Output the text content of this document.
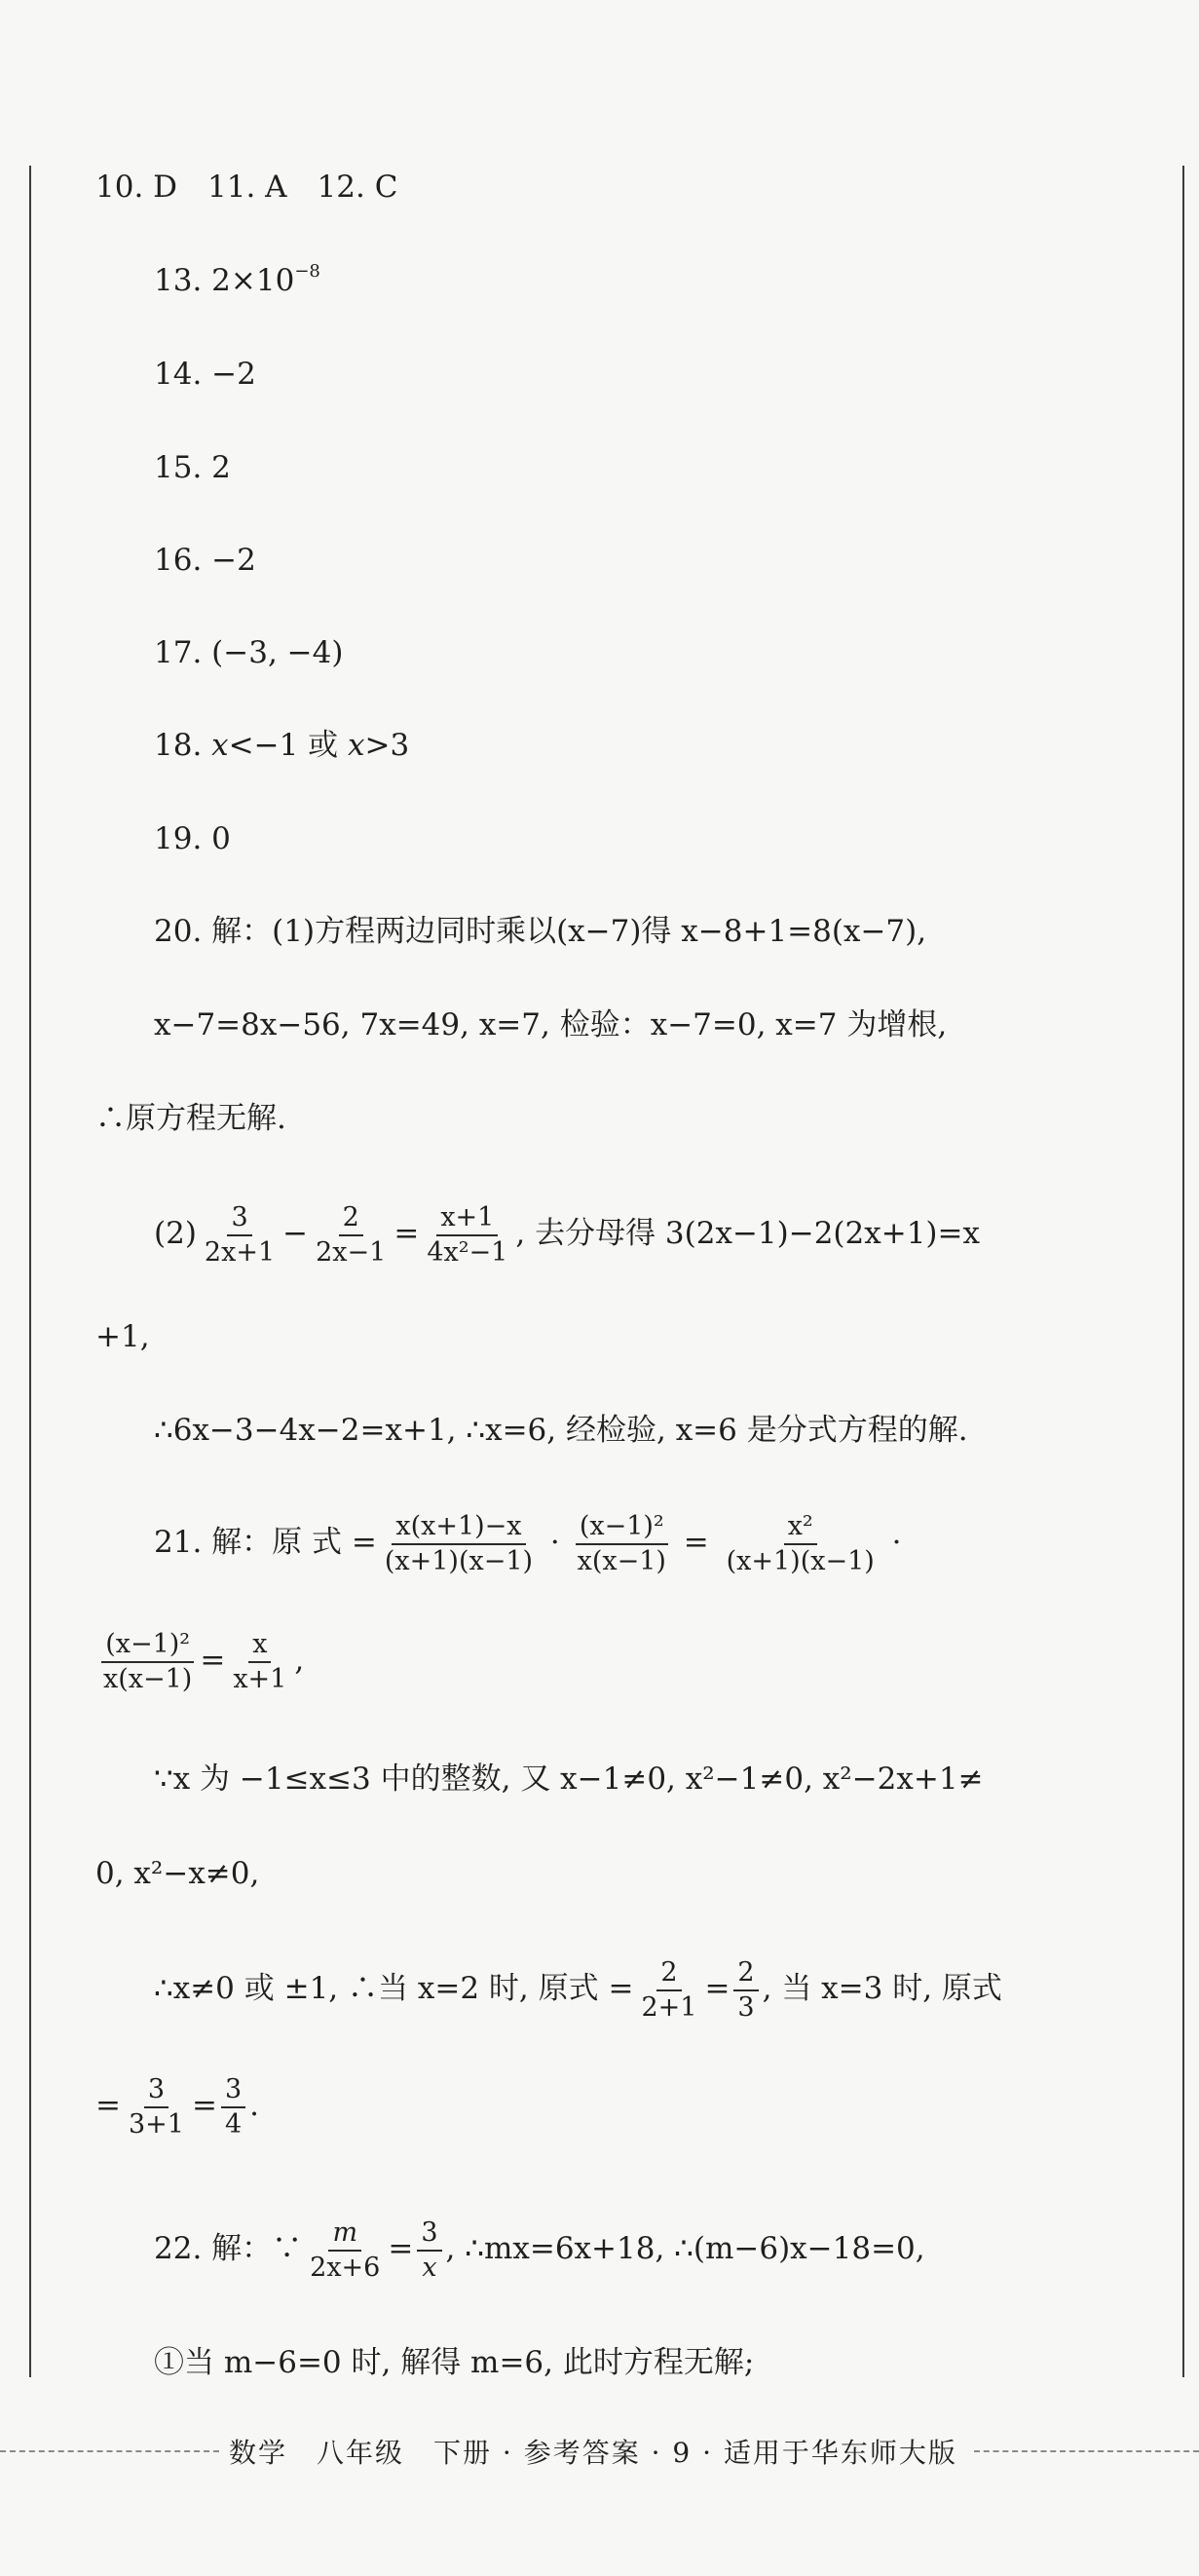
10. D　11. A　12. C
13. $2\times 10^{-8}$
14. −2
15. 2
16. −2
17. (−3, −4)
18. x<−1 或 x>3
19. 0
20. 解：(1)方程两边同时乘以(x−7)得 x−8+1=8(x−7),
x−7=8x−56, 7x=49, x=7, 检验：x−7=0, x=7 为增根,
∴原方程无解.
$(2) \frac{3}{2x+1} - \frac{2}{2x-1} = \frac{x+1}{\text{4x²−1}}$ , 去分母得 3(2x−1)−2(2x+1)=x
+1,
∴6x−3−4x−2=x+1, ∴x=6, 经检验, x=6 是分式方程的解.
21. 解：原 式 = $\frac{x(x+1)-x}{(x+1)(x-1)} \cdot \frac{\text{(x−1)²}}{x(x-1)} = \frac{\text{x²}}{(x+1)(x-1)}$ ·
$\frac{\text{(x−1)²}}{x(x-1)} = \frac{x}{x+1}$ ,
∵x 为 −1≤x≤3 中的整数, 又 x−1≠0, x²−1≠0, x²−2x+1≠
0, x²−x≠0,
∴x≠0 或 ±1, ∴当 x=2 时, 原式 = $\frac{2}{2+1} = \frac{2}{3}$ , 当 x=3 时, 原式
= $\frac{3}{3+1} = \frac{3}{4}$ .
22. 解：∵ $\frac{m}{2x+6} = \frac{3}{x}$ , ∴mx=6x+18, ∴(m−6)x−18=0,
①当 m−6=0 时, 解得 m=6, 此时方程无解;
数学　八年级　下册 · 参考答案 · 9 · 适用于华东师大版
